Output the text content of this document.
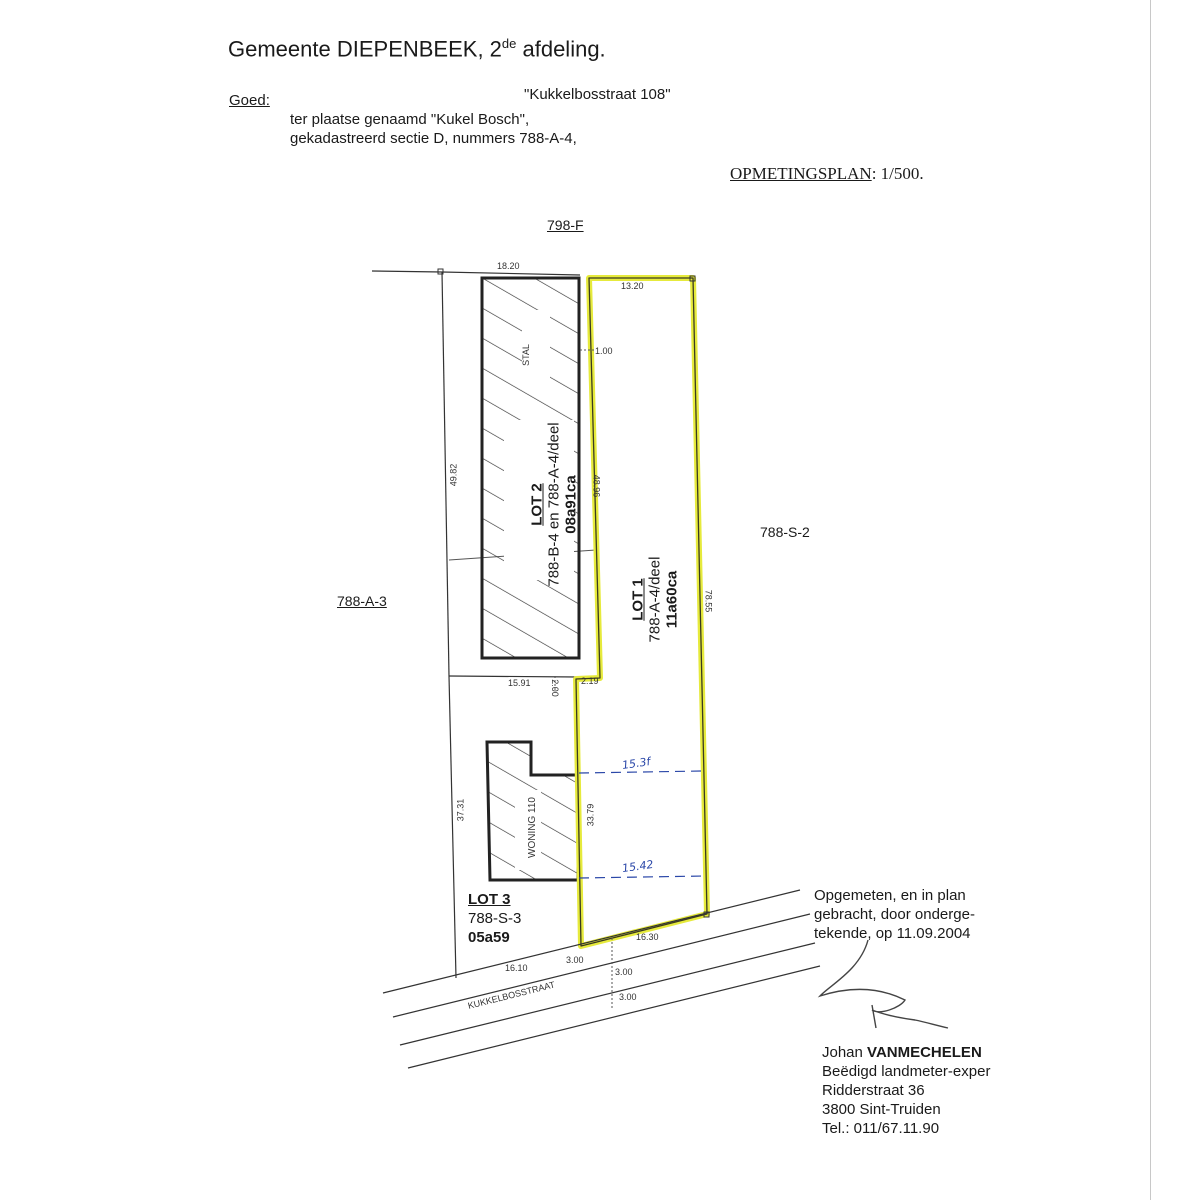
Gemeente DIEPENBEEK, 2de afdeling.
Goed:	"Kukkelbosstraat 108"
ter plaatse genaamd "Kukel Bosch",
gekadastreerd sectie D, nummers 788-A-4,
OPMETINGSPLAN: 1/500.
798-F
788-S-2
788-A-3
18.20
13.20
1.00
49.82	48.96
78.55
15.91 2.00 2.19
37.31	33.79
16.10
16.30
3.00
3.00
3.00
15.3f
15.42
KUKKELBOSSTRAAT
STAL
LOT 2 788-B-4 en 788-A-4/deel 08a91ca
LOT 1 788-A-4/deel 11a60ca
WONING 110
LOT 3
788-S-3
05a59
Opgemeten, en in plan
gebracht, door onderge-
tekende, op 11.09.2004
Johan VANMECHELEN
Beëdigd landmeter-exper
Ridderstraat 36
3800 Sint-Truiden
Tel.: 011/67.11.90
